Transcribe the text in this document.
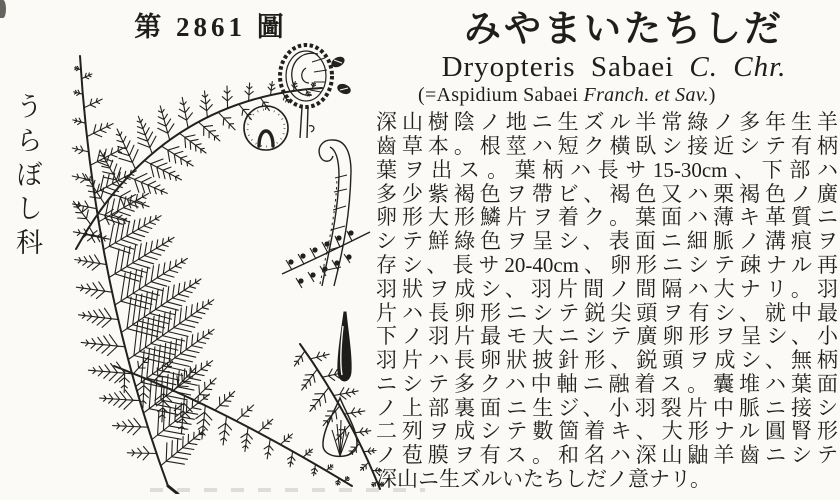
第 2861 圖
うらぼし科
みやまいたちしだ
Dryopteris Sabaei C. Chr.
(=Aspidium Sabaei Franch. et Sav.)
深山樹陰ノ地ニ生ズル半常綠ノ多年生羊
齒草本。根莖ハ短ク橫臥シ接近シテ有柄
葉ヲ出ス。葉柄ハ長サ15-30cm、下部ハ
多少紫褐色ヲ帶ビ、褐色又ハ栗褐色ノ廣
卵形大形鱗片ヲ着ク。葉面ハ薄キ革質ニ
シテ鮮綠色ヲ呈シ、表面ニ細脈ノ溝痕ヲ
存シ、長サ20-40cm、卵形ニシテ疎ナル再
羽狀ヲ成シ、羽片間ノ間隔ハ大ナリ。羽
片ハ長卵形ニシテ鋭尖頭ヲ有シ、就中最
下ノ羽片最モ大ニシテ廣卵形ヲ呈シ、小
羽片ハ長卵狀披針形、鋭頭ヲ成シ、無柄
ニシテ多クハ中軸ニ融着ス。囊堆ハ葉面
ノ上部裏面ニ生ジ、小羽裂片中脈ニ接シ
二列ヲ成シテ數箇着キ、大形ナル圓腎形
ノ苞膜ヲ有ス。和名ハ深山鼬羊齒ニシテ
深山ニ生ズルいたちしだノ意ナリ。
